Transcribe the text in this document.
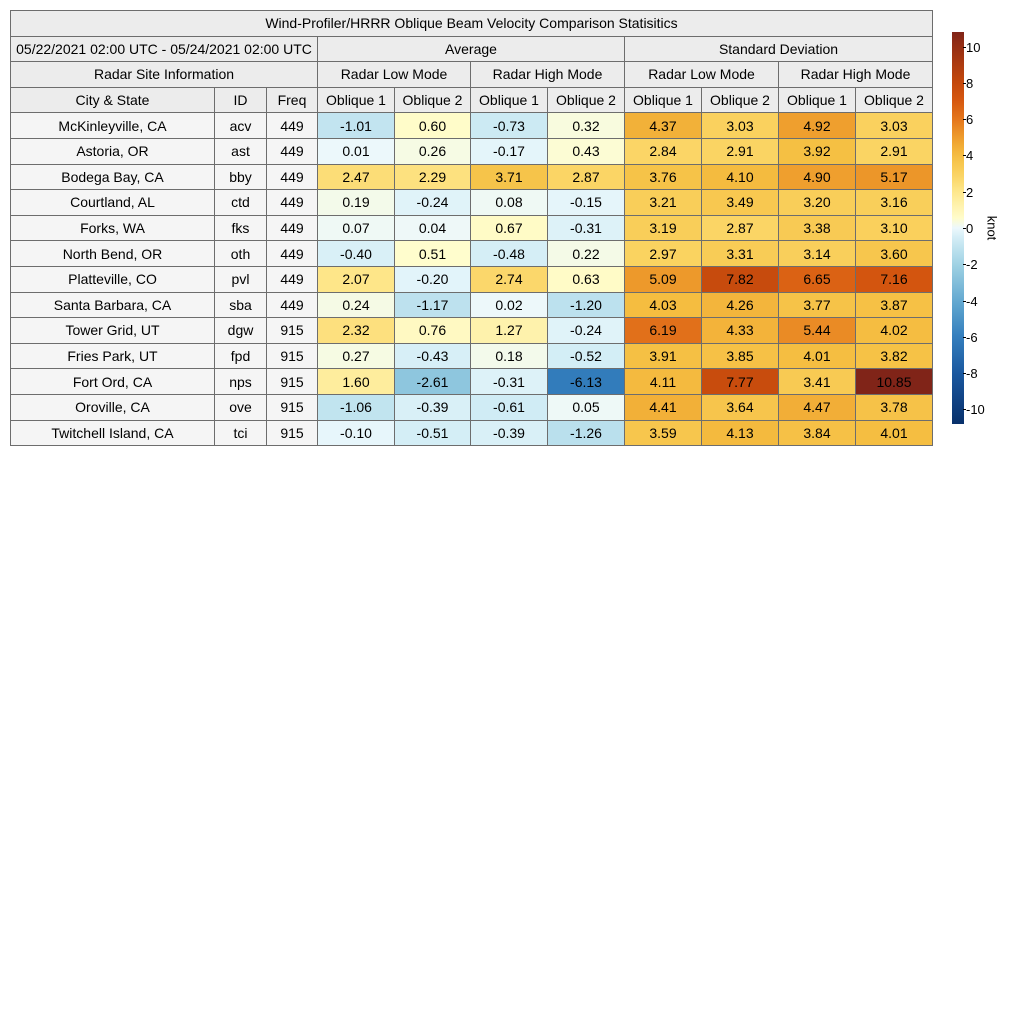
Wind-Profiler/HRRR Oblique Beam Velocity Comparison Statisitics										
05/22/2021 02:00 UTC - 05/24/2021 02:00 UTC			Average				Standard Deviation			
Radar Site Information			Radar Low Mode		Radar High Mode		Radar Low Mode		Radar High Mode	
City & State	ID	Freq	Oblique 1	Oblique 2	Oblique 1	Oblique 2	Oblique 1	Oblique 2	Oblique 1	Oblique 2
McKinleyville, CA	acv	449	-1.01	0.60	-0.73	0.32	4.37	3.03	4.92	3.03
Astoria, OR	ast	449	0.01	0.26	-0.17	0.43	2.84	2.91	3.92	2.91
Bodega Bay, CA	bby	449	2.47	2.29	3.71	2.87	3.76	4.10	4.90	5.17
Courtland, AL	ctd	449	0.19	-0.24	0.08	-0.15	3.21	3.49	3.20	3.16
Forks, WA	fks	449	0.07	0.04	0.67	-0.31	3.19	2.87	3.38	3.10
North Bend, OR	oth	449	-0.40	0.51	-0.48	0.22	2.97	3.31	3.14	3.60
Platteville, CO	pvl	449	2.07	-0.20	2.74	0.63	5.09	7.82	6.65	7.16
Santa Barbara, CA	sba	449	0.24	-1.17	0.02	-1.20	4.03	4.26	3.77	3.87
Tower Grid, UT	dgw	915	2.32	0.76	1.27	-0.24	6.19	4.33	5.44	4.02
Fries Park, UT	fpd	915	0.27	-0.43	0.18	-0.52	3.91	3.85	4.01	3.82
Fort Ord, CA	nps	915	1.60	-2.61	-0.31	-6.13	4.11	7.77	3.41	10.85
Oroville, CA	ove	915	-1.06	-0.39	-0.61	0.05	4.41	3.64	4.47	3.78
Twitchell Island, CA	tci	915	-0.10	-0.51	-0.39	-1.26	3.59	4.13	3.84	4.01
10
8
6
4
2
0
-2
-4
-6
-8
-10
knot
